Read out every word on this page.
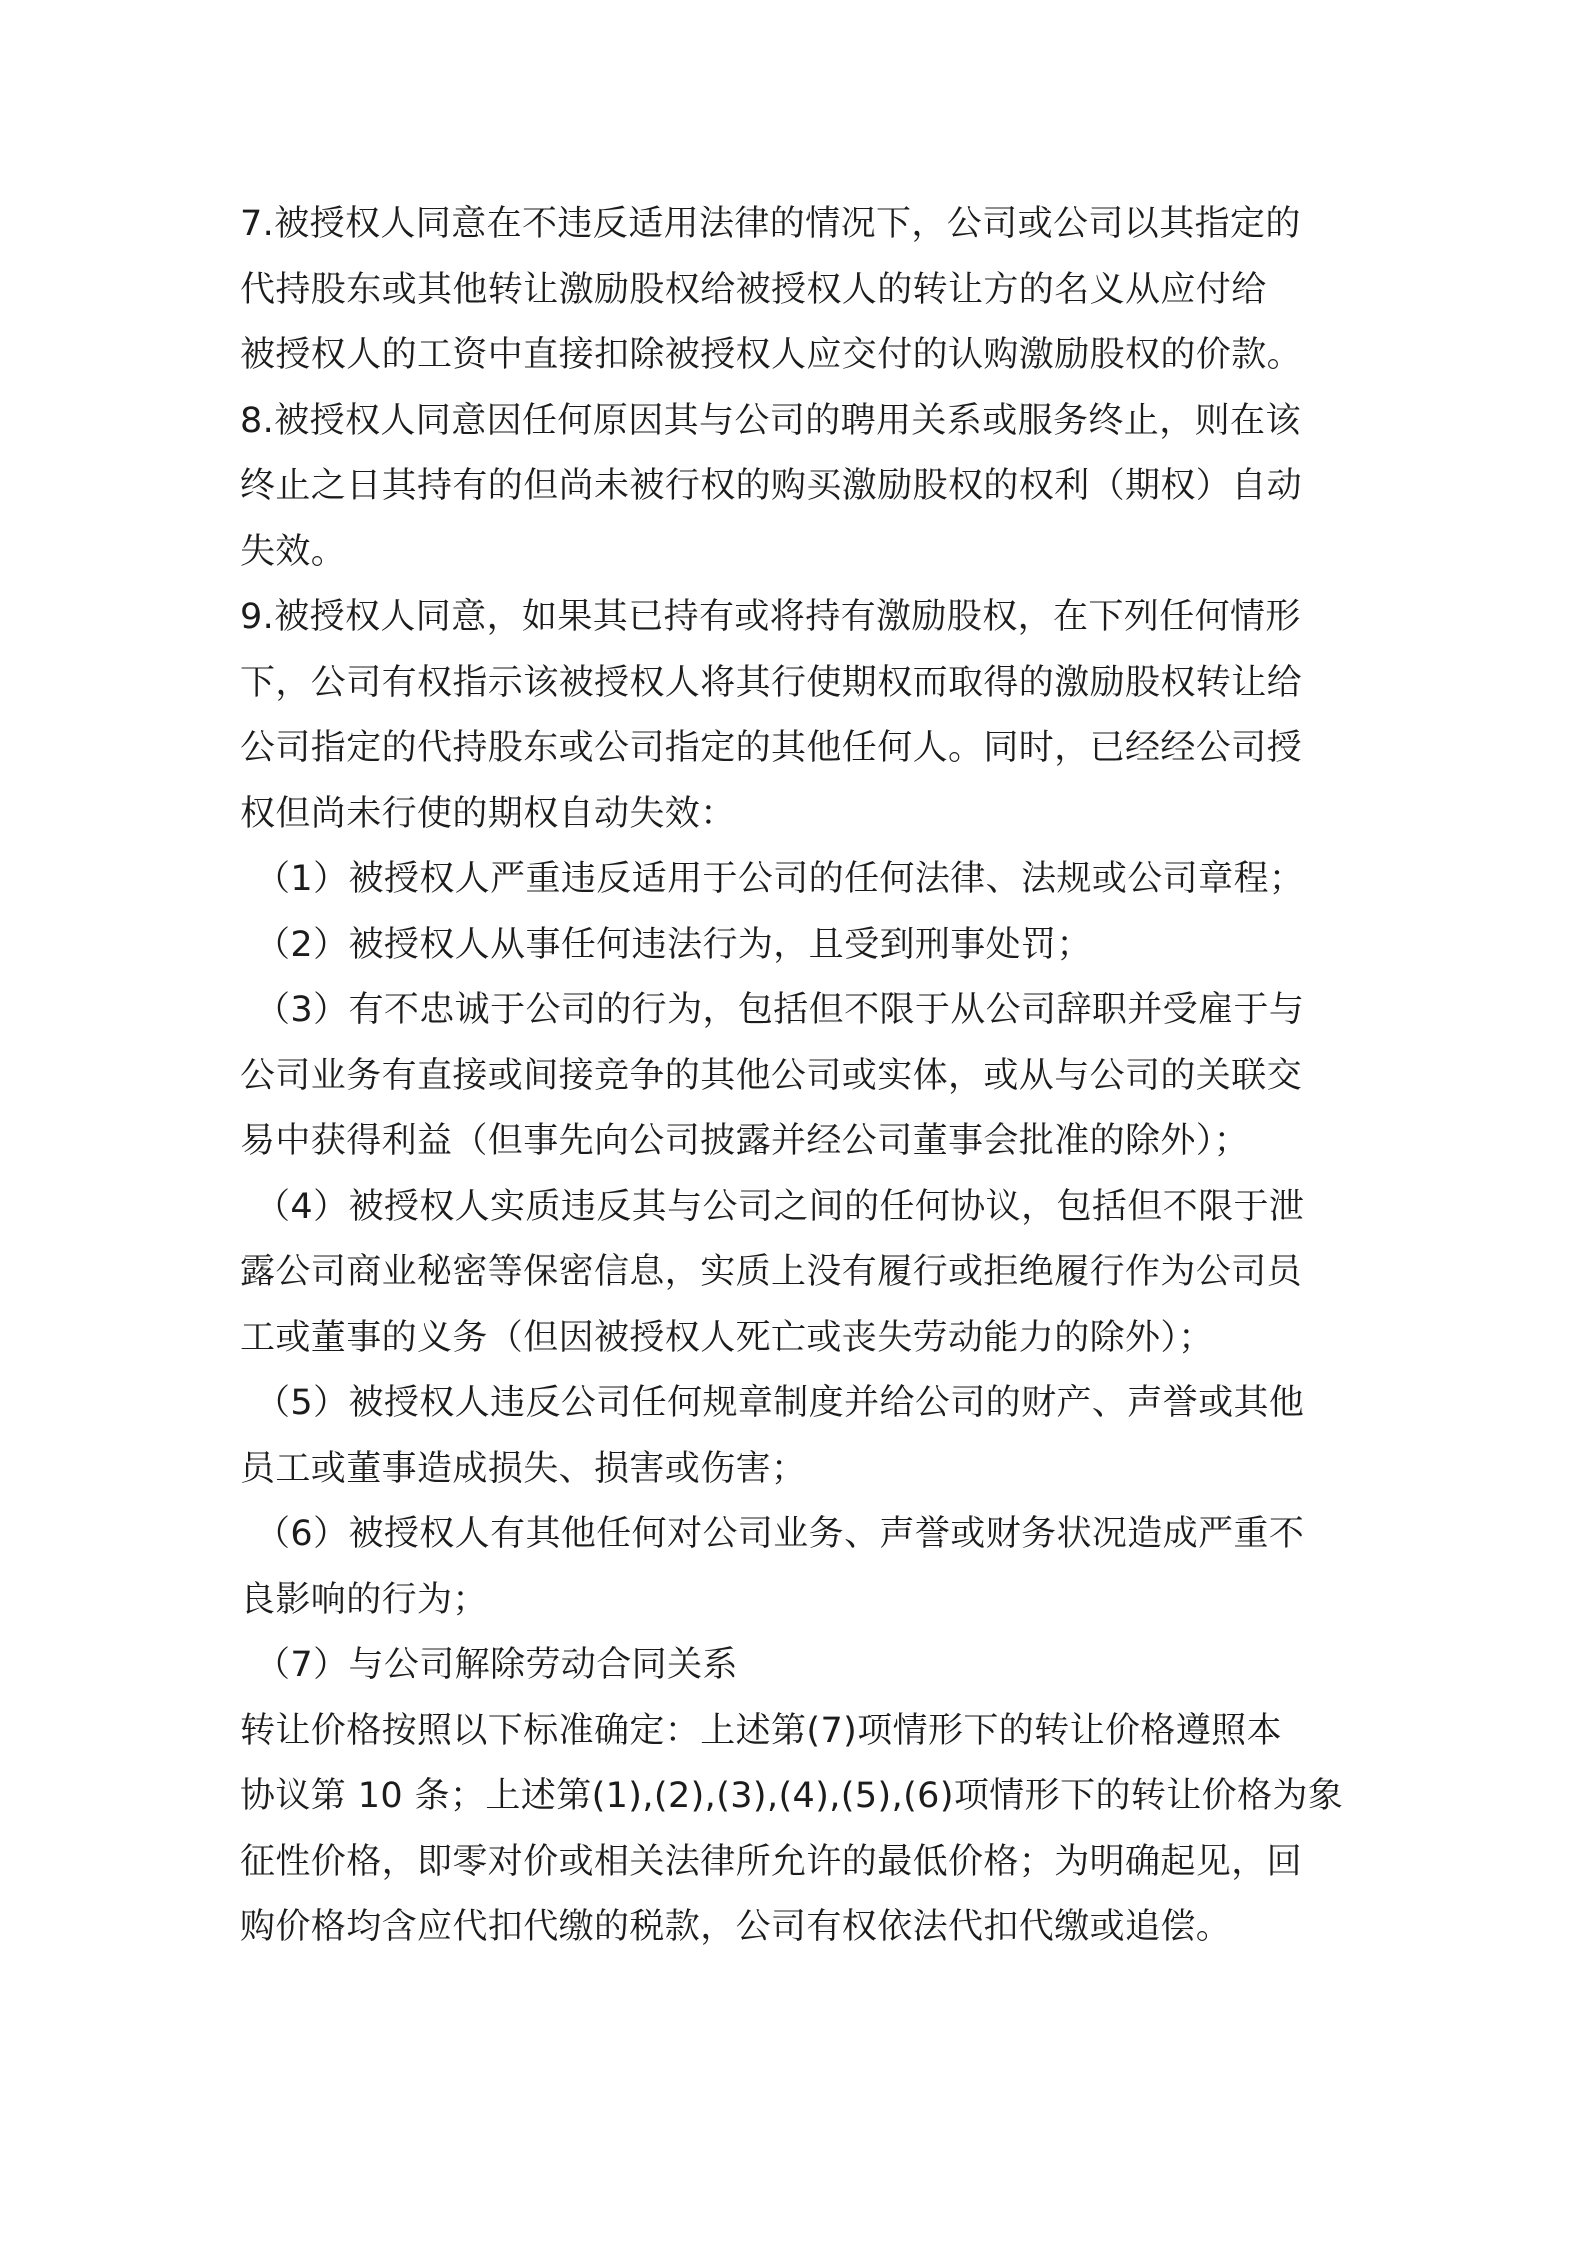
7.被授权人同意在不违反适用法律的情况下，公司或公司以其指定的
代持股东或其他转让激励股权给被授权人的转让方的名义从应付给
被授权人的工资中直接扣除被授权人应交付的认购激励股权的价款。
8.被授权人同意因任何原因其与公司的聘用关系或服务终止，则在该
终止之日其持有的但尚未被行权的购买激励股权的权利（期权）自动
失效。
9.被授权人同意，如果其已持有或将持有激励股权，在下列任何情形
下，公司有权指示该被授权人将其行使期权而取得的激励股权转让给
公司指定的代持股东或公司指定的其他任何人。同时，已经经公司授
权但尚未行使的期权自动失效：
（1）被授权人严重违反适用于公司的任何法律、法规或公司章程；
（2）被授权人从事任何违法行为，且受到刑事处罚；
（3）有不忠诚于公司的行为，包括但不限于从公司辞职并受雇于与
公司业务有直接或间接竞争的其他公司或实体，或从与公司的关联交
易中获得利益（但事先向公司披露并经公司董事会批准的除外）；
（4）被授权人实质违反其与公司之间的任何协议，包括但不限于泄
露公司商业秘密等保密信息，实质上没有履行或拒绝履行作为公司员
工或董事的义务（但因被授权人死亡或丧失劳动能力的除外）；
（5）被授权人违反公司任何规章制度并给公司的财产、声誉或其他
员工或董事造成损失、损害或伤害；
（6）被授权人有其他任何对公司业务、声誉或财务状况造成严重不
良影响的行为；
（7）与公司解除劳动合同关系
转让价格按照以下标准确定：上述第(7)项情形下的转让价格遵照本
协议第 10 条；上述第(1),(2),(3),(4),(5),(6)项情形下的转让价格为象
征性价格，即零对价或相关法律所允许的最低价格；为明确起见，回
购价格均含应代扣代缴的税款，公司有权依法代扣代缴或追偿。
